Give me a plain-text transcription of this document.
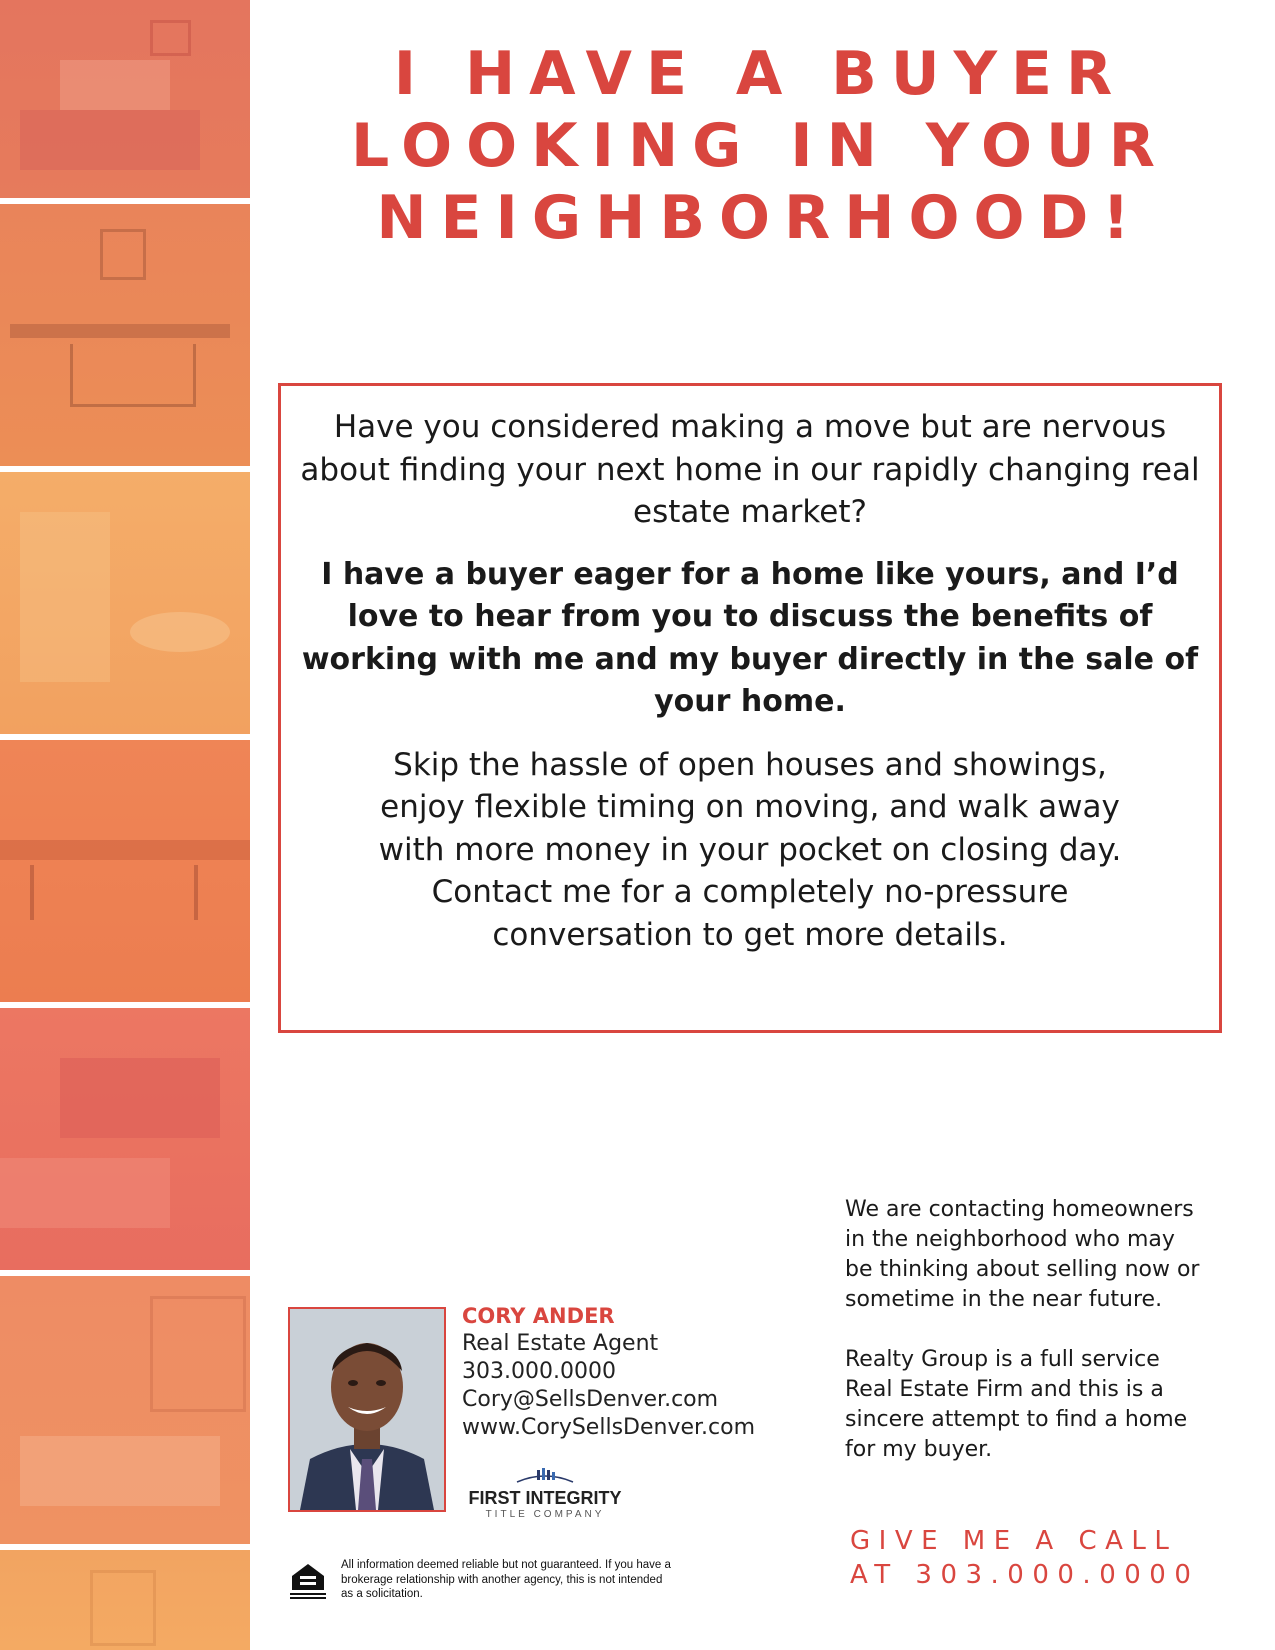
I HAVE A BUYER
LOOKING IN YOUR
NEIGHBORHOOD!

Have you considered making a move but are nervous about finding your next home in our rapidly changing real estate market?

I have a buyer eager for a home like yours, and I’d love to hear from you to discuss the benefits of working with me and my buyer directly in the sale of your home.

Skip the hassle of open houses and showings, enjoy flexible timing on moving, and walk away with more money in your pocket on closing day. Contact me for a completely no-pressure conversation to get more details.

CORY ANDER
Real Estate Agent
303.000.0000
Cory@SellsDenver.com
www.CorySellsDenver.com
FIRST INTEGRITY
TITLE COMPANY
All information deemed reliable but not guaranteed. If you have a brokerage relationship with another agency, this is not intended as a solicitation.

We are contacting homeowners in the neighborhood who may be thinking about selling now or sometime in the near future.

Realty Group is a full service Real Estate Firm and this is a sincere attempt to find a home for my buyer.

GIVE ME A CALL
AT 303.000.0000
